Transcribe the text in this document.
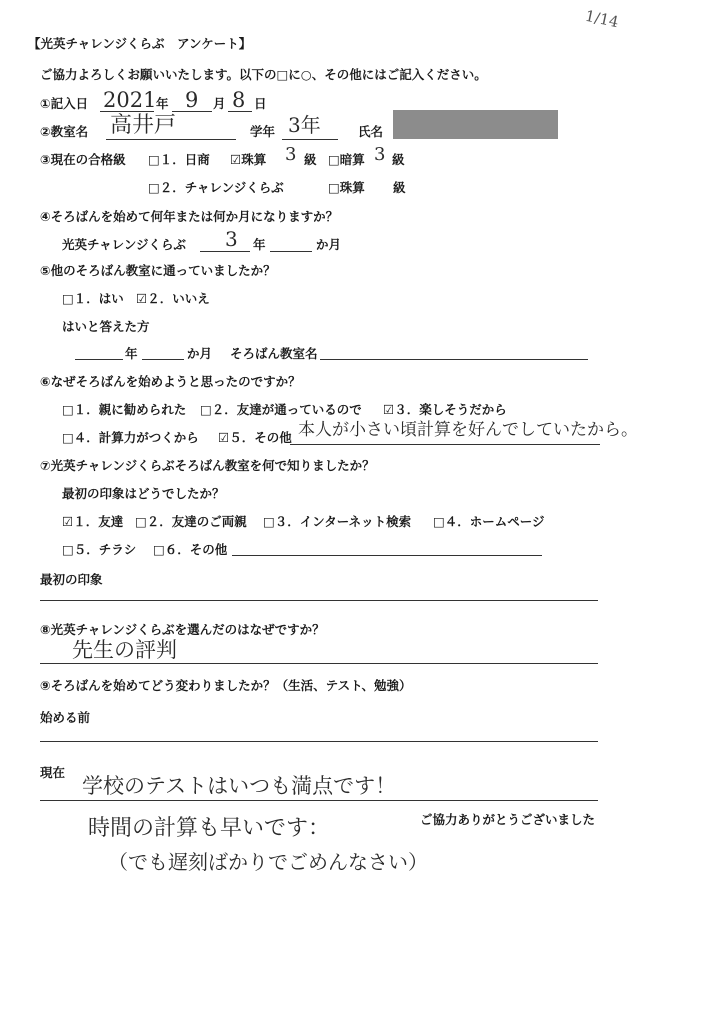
1/14
【光英チャレンジくらぶ　アンケート】
ご協力よろしくお願いいたします。以下の□に○、その他にはご記入ください。
①記入日 2021 年 9 月 8 日
②教室名 高井戸	学年 3年	氏名
③現在の合格級 □１．日商 ☑珠算 3 級 □暗算 3 級
□２．チャレンジくらぶ	□珠算 級
④そろばんを始めて何年または何か月になりますか？
光英チャレンジくらぶ 3 年	か月
⑤他のそろばん教室に通っていましたか？
□１．はい ☑２．いいえ
はいと答えた方
年	か月 そろばん教室名
⑥なぜそろばんを始めようと思ったのですか？
□１．親に勧められた □２．友達が通っているので ☑３．楽しそうだから
□４．計算力がつくから ☑５．その他 本人が小さい頃計算を好んでしていたから。
⑦光英チャレンジくらぶそろばん教室を何で知りましたか？
最初の印象はどうでしたか？
☑１．友達 □２．友達のご両親 □３．インターネット検索 □４．ホームページ
□５．チラシ □６．その他
最初の印象
⑧光英チャレンジくらぶを選んだのはなぜですか？
先生の評判
⑨そろばんを始めてどう変わりましたか？（生活、テスト、勉強）
始める前
現在
学校のテストはいつも満点です！
ご協力ありがとうございました
時間の計算も早いです：
（でも遅刻ばかりでごめんなさい）
